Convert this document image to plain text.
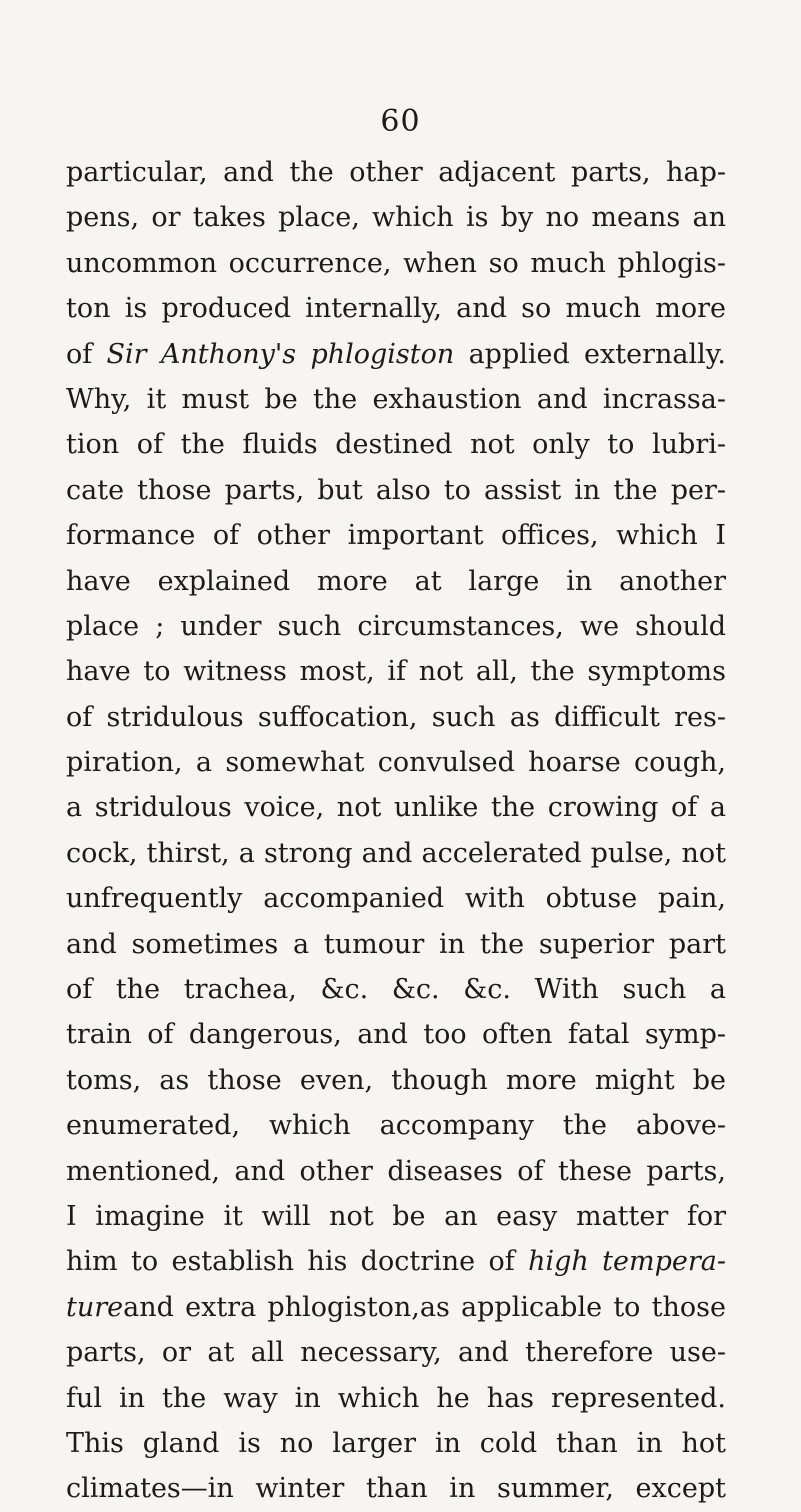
60
particular, and the other adjacent parts, hap-
pens, or takes place, which is by no means an
uncommon occurrence, when so much phlogis-
ton is produced internally, and so much more
of Sir Anthony's phlogiston applied externally.
Why, it must be the exhaustion and incrassa-
tion of the fluids destined not only to lubri-
cate those parts, but also to assist in the per-
formance of other important offices, which I
have explained more at large in another
place ; under such circumstances, we should
have to witness most, if not all, the symptoms
of stridulous suffocation, such as difficult res-
piration, a somewhat convulsed hoarse cough,
a stridulous voice, not unlike the crowing of a
cock, thirst, a strong and accelerated pulse, not
unfrequently accompanied with obtuse pain,
and sometimes a tumour in the superior part
of the trachea, &c. &c. &c. With such a
train of dangerous, and too often fatal symp-
toms, as those even, though more might be
enumerated, which accompany the above-
mentioned, and other diseases of these parts,
I imagine it will not be an easy matter for
him to establish his doctrine of high tempera-
tureand extra phlogiston,as applicable to those
parts, or at all necessary, and therefore use-
ful in the way in which he has represented.
This gland is no larger in cold than in hot
climates—in winter than in summer, except
